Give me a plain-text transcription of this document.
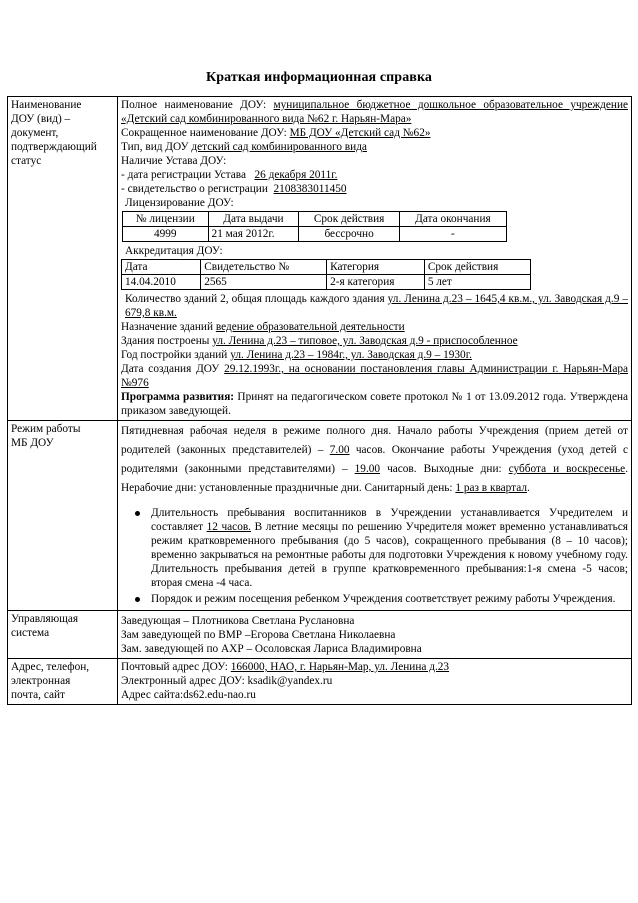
Краткая информационная справка
Наименование
ДОУ (вид) –
документ,
подтверждающий
статус

Полное наименование ДОУ: муниципальное бюджетное дошкольное образовательное учреждение «Детский сад комбинированного вида №62 г. Нарьян-Мара»
Сокращенное наименование ДОУ: МБ ДОУ «Детский сад №62»
Тип, вид ДОУ детский сад комбинированного вида
Наличие Устава ДОУ:
- дата регистрации Устава 26 декабря 2011г.
- свидетельство о регистрации 2108383011450
Лицензирование ДОУ:
№ лицензии	Дата выдачи	Срок действия	Дата окончания
4999	21 мая 2012г.	бессрочно	-
Аккредитация ДОУ:
Дата	Свидетельство №	Категория	Срок действия
14.04.2010	2565	2-я категория	5 лет
Количество зданий 2, общая площадь каждого здания ул. Ленина д.23 – 1645,4 кв.м., ул. Заводская д.9 – 679,8 кв.м.
Назначение зданий ведение образовательной деятельности
Здания построены ул. Ленина д.23 – типовое, ул. Заводская д.9 - приспособленное
Год постройки зданий ул. Ленина д.23 – 1984г., ул. Заводская д.9 – 1930г.
Дата создания ДОУ 29.12.1993г., на основании постановления главы Администрации г. Нарьян-Мара №976
Программа развития: Принят на педагогическом совете протокол № 1 от 13.09.2012 года. Утверждена приказом заведующей.

Режим работы
МБ ДОУ

Пятидневная рабочая неделя в режиме полного дня. Начало работы Учреждения (прием детей от родителей (законных представителей) – 7.00 часов. Окончание работы Учреждения (уход детей с родителями (законными представителями) – 19.00 часов. Выходные дни: суббота и воскресенье. Нерабочие дни: установленные праздничные дни. Санитарный день: 1 раз в квартал.
Длительность пребывания воспитанников в Учреждении устанавливается Учредителем и составляет 12 часов. В летние месяцы по решению Учредителя может временно устанавливаться режим кратковременного пребывания (до 5 часов), сокращенного пребывания (8 – 10 часов); временно закрываться на ремонтные работы для подготовки Учреждения к новому учебному году. Длительность пребывания детей в группе кратковременного пребывания:1-я смена -5 часов; вторая смена -4 часа.
Порядок и режим посещения ребенком Учреждения соответствует режиму работы Учреждения.

Управляющая
система

Заведующая – Плотникова Светлана Руслановна
Зам заведующей по ВМР –Егорова Светлана Николаевна
Зам. заведующей по АХР – Осоловская Лариса Владимировна

Адрес, телефон,
электронная
почта, сайт

Почтовый адрес ДОУ: 166000, НАО, г. Нарьян-Мар, ул. Ленина д.23
Электронный адрес ДОУ: ksadik@yandex.ru
Адрес сайта:ds62.edu-nao.ru
